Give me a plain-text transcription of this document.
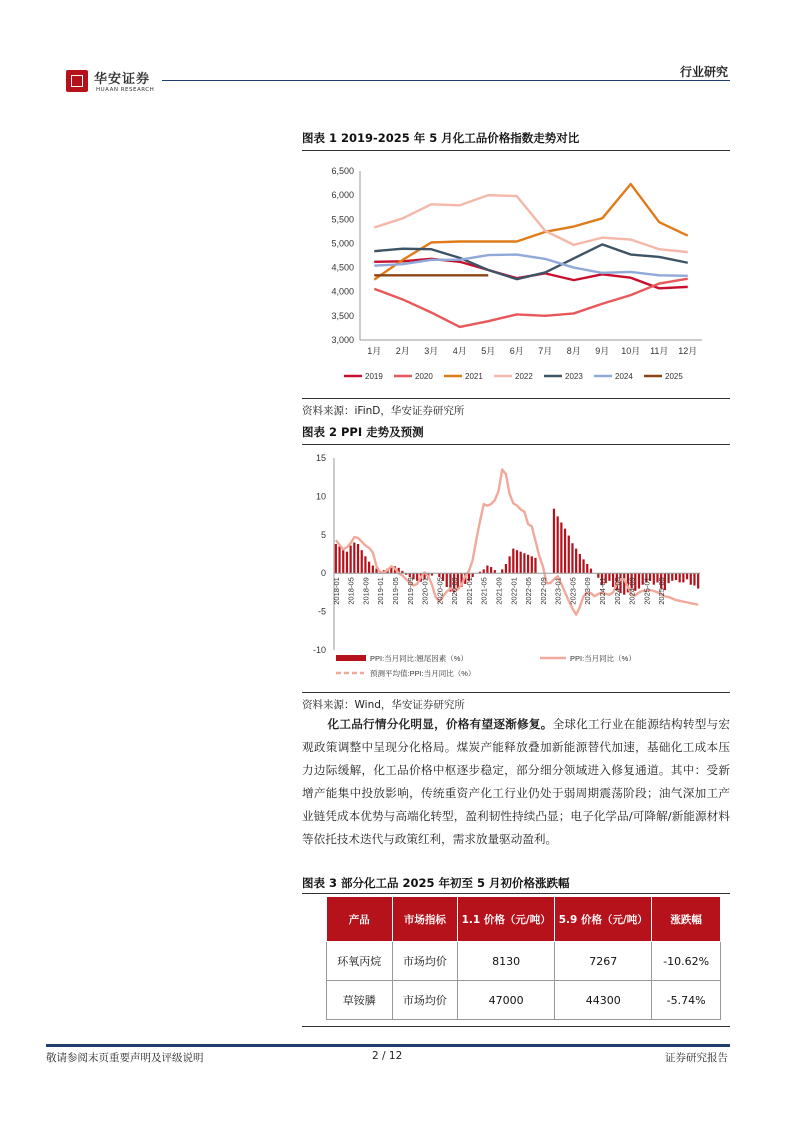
华安证券
HUAAN RESEARCH
行业研究
图表 1 2019-2025 年 5 月化工品价格指数走势对比
3,000
3,500
4,000
4,500
5,000
5,500
6,000
6,500
1月 2月 3月 4月 5月 6月 7月 8月 9月 10月 11月 12月
2019	2020	2021	2022	2023	2024	2025
资料来源：iFinD，华安证券研究所
图表 2 PPI 走势及预测
15
10
5
0
-5
-10
2018-01 2018-05 2018-09 2019-01 2019-05 2019-09 2020-01 2020-05 2020-09 2021-01 2021-05 2021-09 2022-01 2022-05 2022-09 2023-01 2023-05 2023-09 2024-01 2024-05 2024-09 2025-01 2025-05
PPI:当月同比:翘尾因素（%）	PPI:当月同比（%）
预测平均值:PPI:当月同比（%）
资料来源：Wind，华安证券研究所
化工品行情分化明显，价格有望逐渐修复。全球化工行业在能源结构转型与宏观政策调整中呈现分化格局。煤炭产能释放叠加新能源替代加速，基础化工成本压力边际缓解，化工品价格中枢逐步稳定，部分细分领域进入修复通道。其中：受新增产能集中投放影响，传统重资产化工行业仍处于弱周期震荡阶段；油气深加工产业链凭成本优势与高端化转型，盈利韧性持续凸显；电子化学品/可降解/新能源材料等依托技术迭代与政策红利，需求放量驱动盈利。
图表 3 部分化工品 2025 年初至 5 月初价格涨跌幅
产品	市场指标	1.1 价格（元/吨）	5.9 价格（元/吨）	涨跌幅
环氧丙烷	市场均价	8130	7267	-10.62%
草铵膦	市场均价	47000	44300	-5.74%
敬请参阅末页重要声明及评级说明	2 / 12	证券研究报告
